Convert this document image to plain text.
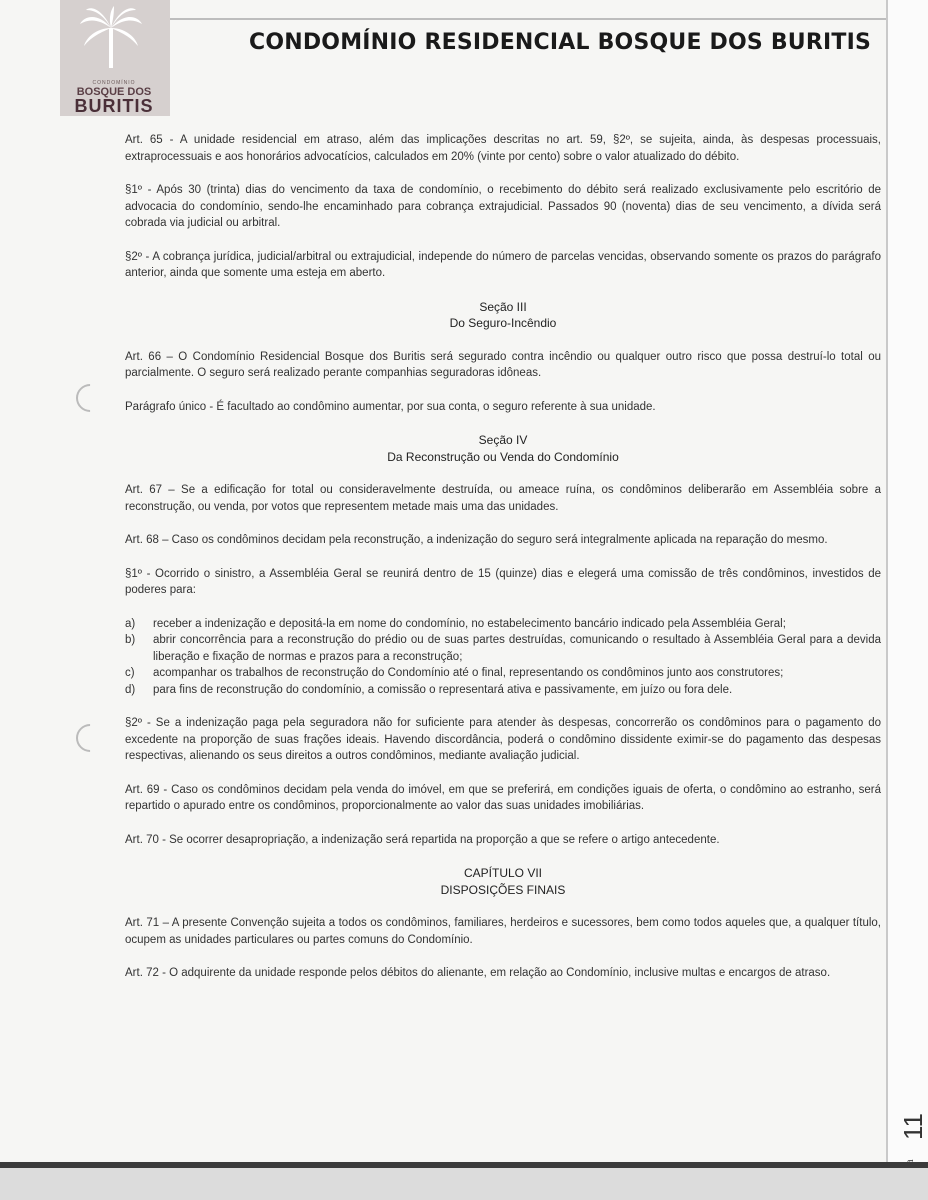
CONDOMÍNIO
BOSQUE DOS
BURITIS
CONDOMÍNIO RESIDENCIAL BOSQUE DOS BURITIS

Art. 65 - A unidade residencial em atraso, além das implicações descritas no art. 59, §2º, se sujeita, ainda, às despesas processuais, extraprocessuais e aos honorários advocatícios, calculados em 20% (vinte por cento) sobre o valor atualizado do débito.

§1º - Após 30 (trinta) dias do vencimento da taxa de condomínio, o recebimento do débito será realizado exclusivamente pelo escritório de advocacia do condomínio, sendo-lhe encaminhado para cobrança extrajudicial. Passados 90 (noventa) dias de seu vencimento, a dívida será cobrada via judicial ou arbitral.

§2º - A cobrança jurídica, judicial/arbitral ou extrajudicial, independe do número de parcelas vencidas, observando somente os prazos do parágrafo anterior, ainda que somente uma esteja em aberto.

Seção III
Do Seguro-Incêndio

Art. 66 – O Condomínio Residencial Bosque dos Buritis será segurado contra incêndio ou qualquer outro risco que possa destruí-lo total ou parcialmente. O seguro será realizado perante companhias seguradoras idôneas.

Parágrafo único - É facultado ao condômino aumentar, por sua conta, o seguro referente à sua unidade.

Seção IV
Da Reconstrução ou Venda do Condomínio

Art. 67 – Se a edificação for total ou consideravelmente destruída, ou ameace ruína, os condôminos deliberarão em Assembléia sobre a reconstrução, ou venda, por votos que representem metade mais uma das unidades.

Art. 68 – Caso os condôminos decidam pela reconstrução, a indenização do seguro será integralmente aplicada na reparação do mesmo.

§1º - Ocorrido o sinistro, a Assembléia Geral se reunirá dentro de 15 (quinze) dias e elegerá uma comissão de três condôminos, investidos de poderes para:

a)	receber a indenização e depositá-la em nome do condomínio, no estabelecimento bancário indicado pela Assembléia Geral;
b)	abrir concorrência para a reconstrução do prédio ou de suas partes destruídas, comunicando o resultado à Assembléia Geral para a devida liberação e fixação de normas e prazos para a reconstrução;
c)	acompanhar os trabalhos de reconstrução do Condomínio até o final, representando os condôminos junto aos construtores;
d)	para fins de reconstrução do condomínio, a comissão o representará ativa e passivamente, em juízo ou fora dele.

§2º - Se a indenização paga pela seguradora não for suficiente para atender às despesas, concorrerão os condôminos para o pagamento do excedente na proporção de suas frações ideais. Havendo discordância, poderá o condômino dissidente eximir-se do pagamento das despesas respectivas, alienando os seus direitos a outros condôminos, mediante avaliação judicial.

Art. 69 - Caso os condôminos decidam pela venda do imóvel, em que se preferirá, em condições iguais de oferta, o condômino ao estranho, será repartido o apurado entre os condôminos, proporcionalmente ao valor das suas unidades imobiliárias.

Art. 70 - Se ocorrer desapropriação, a indenização será repartida na proporção a que se refere o artigo antecedente.

CAPÍTULO VII
DISPOSIÇÕES FINAIS

Art. 71 – A presente Convenção sujeita a todos os condôminos, familiares, herdeiros e sucessores, bem como todos aqueles que, a qualquer título, ocupem as unidades particulares ou partes comuns do Condomínio.

Art. 72 - O adquirente da unidade responde pelos débitos do alienante, em relação ao Condomínio, inclusive multas e encargos de atraso.

11
